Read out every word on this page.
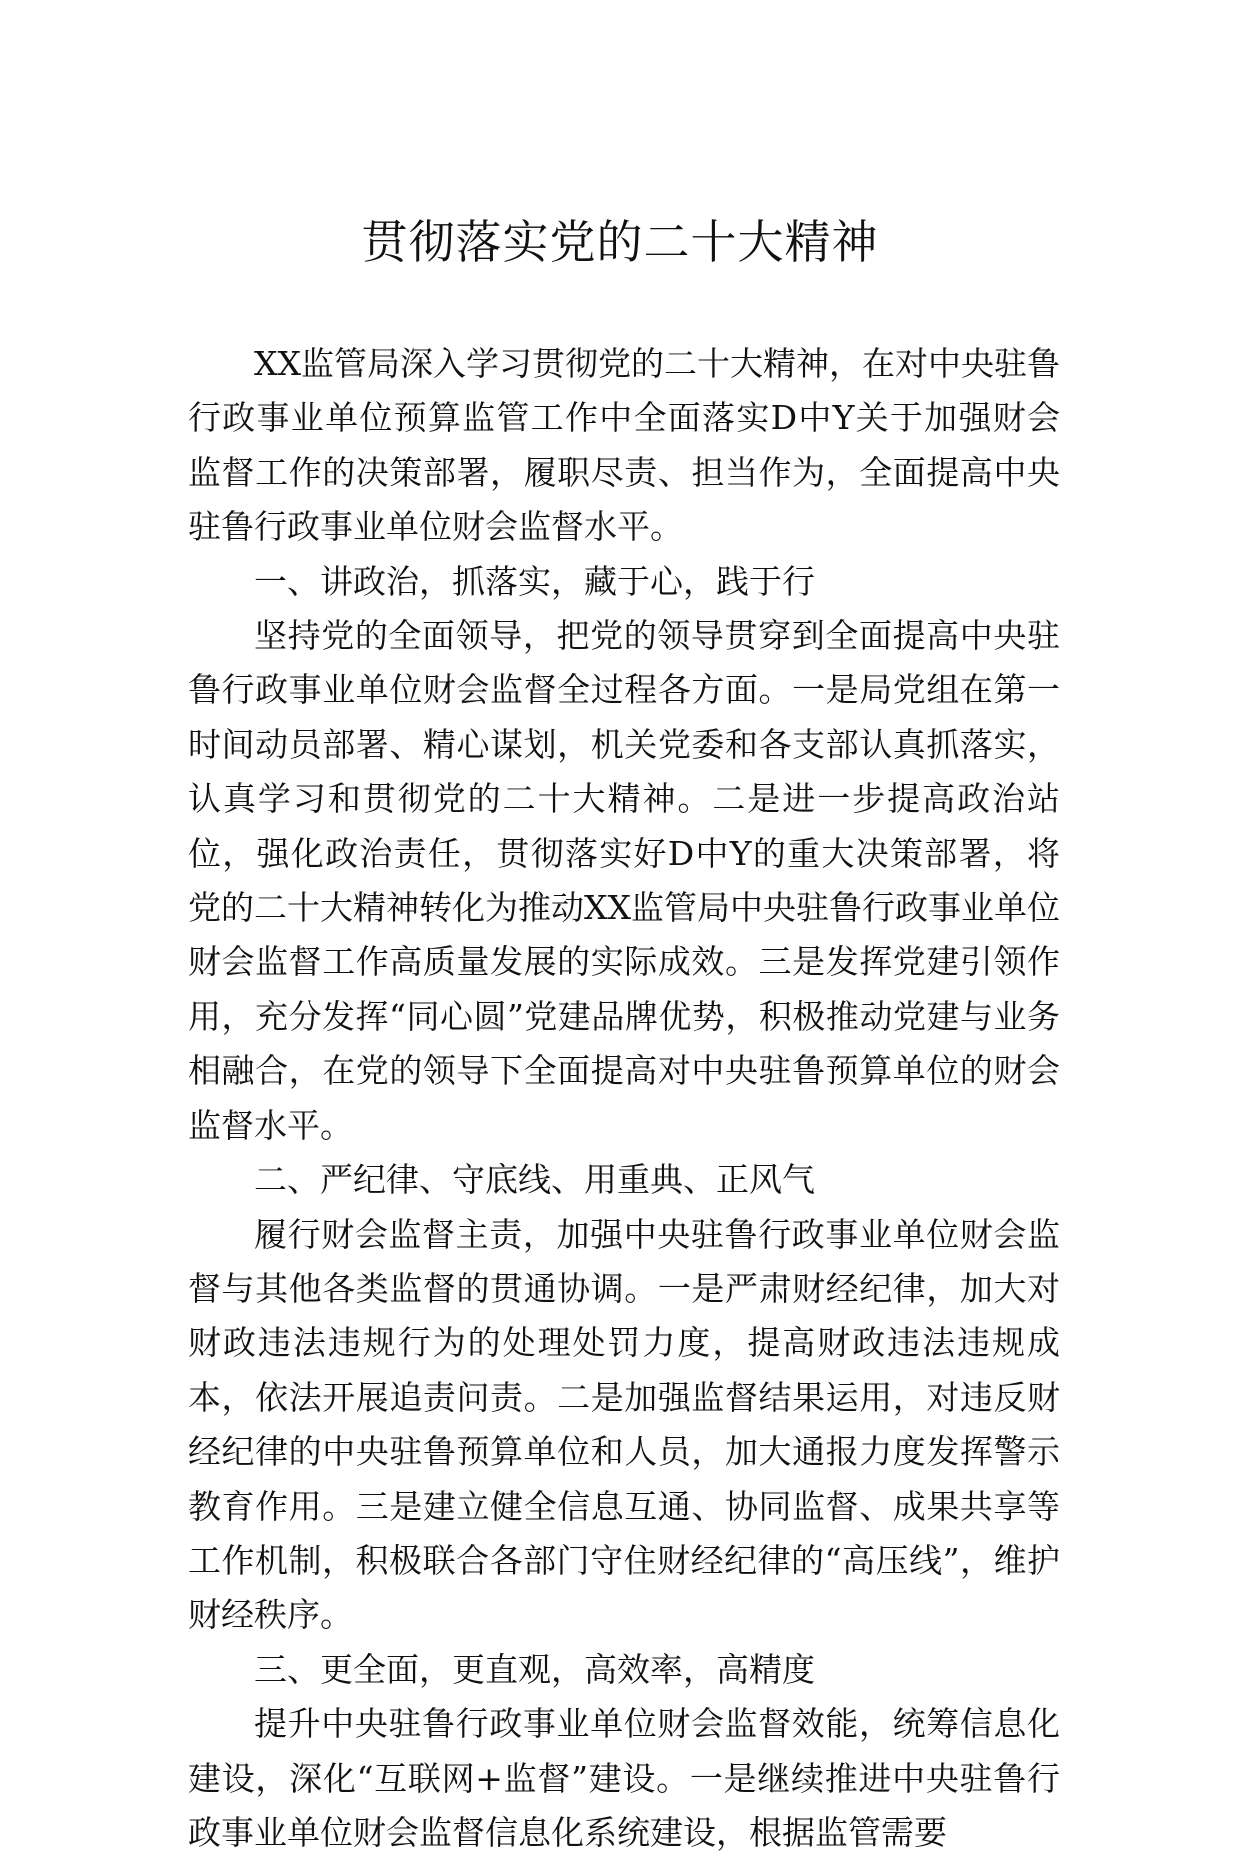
贯彻落实党的二十大精神

XX监管局深入学习贯彻党的二十大精神，在对中央驻鲁行政事业单位预算监管工作中全面落实D中Y关于加强财会监督工作的决策部署，履职尽责、担当作为，全面提高中央驻鲁行政事业单位财会监督水平。

一、讲政治，抓落实，藏于心，践于行

坚持党的全面领导，把党的领导贯穿到全面提高中央驻鲁行政事业单位财会监督全过程各方面。一是局党组在第一时间动员部署、精心谋划，机关党委和各支部认真抓落实，认真学习和贯彻党的二十大精神。二是进一步提高政治站位，强化政治责任，贯彻落实好D中Y的重大决策部署，将党的二十大精神转化为推动XX监管局中央驻鲁行政事业单位财会监督工作高质量发展的实际成效。三是发挥党建引领作用，充分发挥“同心圆”党建品牌优势，积极推动党建与业务相融合，在党的领导下全面提高对中央驻鲁预算单位的财会监督水平。

二、严纪律、守底线、用重典、正风气

履行财会监督主责，加强中央驻鲁行政事业单位财会监督与其他各类监督的贯通协调。一是严肃财经纪律，加大对财政违法违规行为的处理处罚力度，提高财政违法违规成本，依法开展追责问责。二是加强监督结果运用，对违反财经纪律的中央驻鲁预算单位和人员，加大通报力度发挥警示教育作用。三是建立健全信息互通、协同监督、成果共享等工作机制，积极联合各部门守住财经纪律的“高压线”，维护财经秩序。

三、更全面，更直观，高效率，高精度

提升中央驻鲁行政事业单位财会监督效能，统筹信息化建设，深化“互联网+监督”建设。一是继续推进中央驻鲁行政事业单位财会监督信息化系统建设，根据监管需要
